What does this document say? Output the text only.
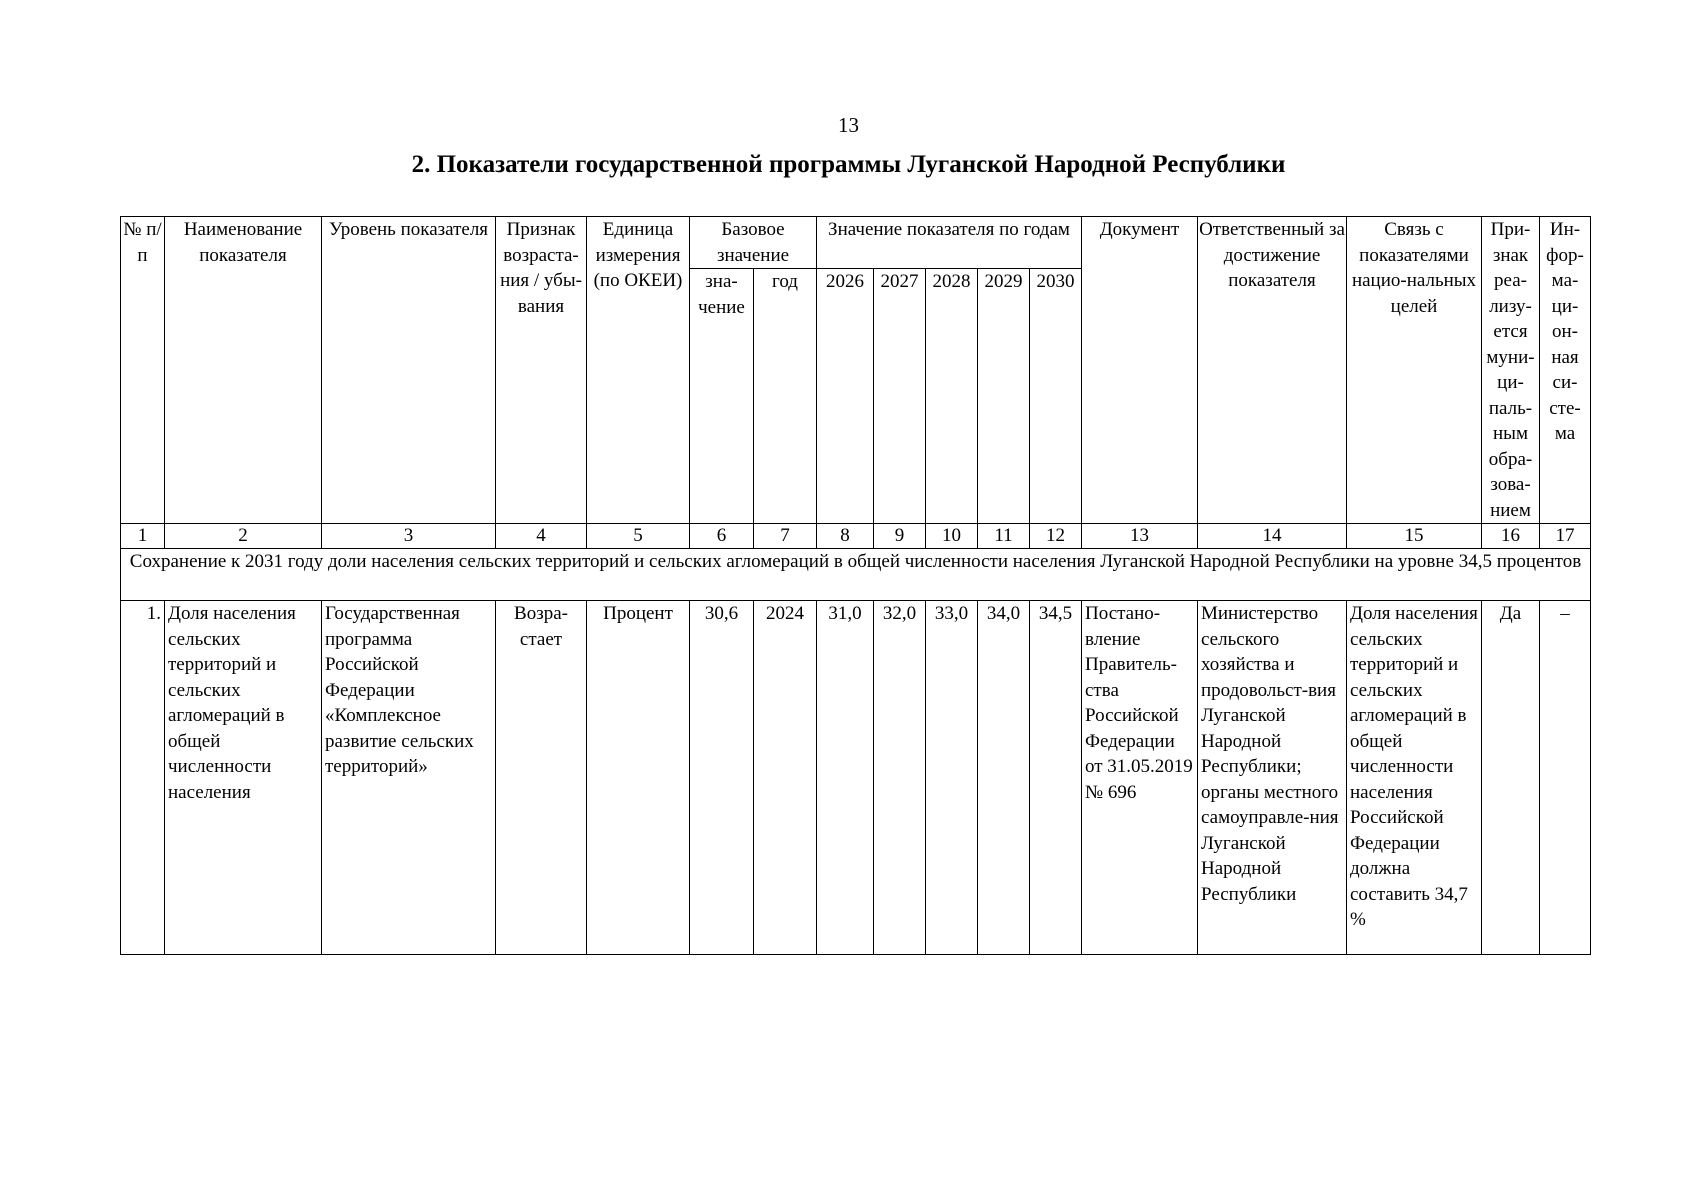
13
2. Показатели государственной программы Луганской Народной Республики
№ п/п	Наименование показателя	Уровень показателя	Признак возраста-ния / убы-вания	Единица измерения (по ОКЕИ)	Базовое значение		Значение показателя по годам					Документ	Ответственный за достижение показателя	Связь с показателями нацио-нальных целей	При-знак реа-лизу-ется муни-ци-паль-ным обра-зова-нием	Ин-фор-ма-ци-он-ная си-сте-ма
					зна-чение	год	2026	2027	2028	2029	2030					
1	2	3	4	5	6	7	8	9	10	11	12	13	14	15	16	17
Сохранение к 2031 году доли населения сельских территорий и сельских агломераций в общей численности населения Луганской Народной Республики на уровне 34,5 процентов																
1.	Доля населения сельских территорий и сельских агломераций в общей численности населения	Государственная программа Российской Федерации «Комплексное развитие сельских территорий»	Возра-стает	Процент	30,6	2024	31,0	32,0	33,0	34,0	34,5	Постано-вление Правитель-ства Российской Федерации от 31.05.2019 № 696	Министерство сельского хозяйства и продовольст-вия Луганской Народной Республики; органы местного самоуправле-ния Луганской Народной Республики	Доля населения сельских территорий и сельских агломераций в общей численности населения Российской Федерации должна составить 34,7 %	Да	–
